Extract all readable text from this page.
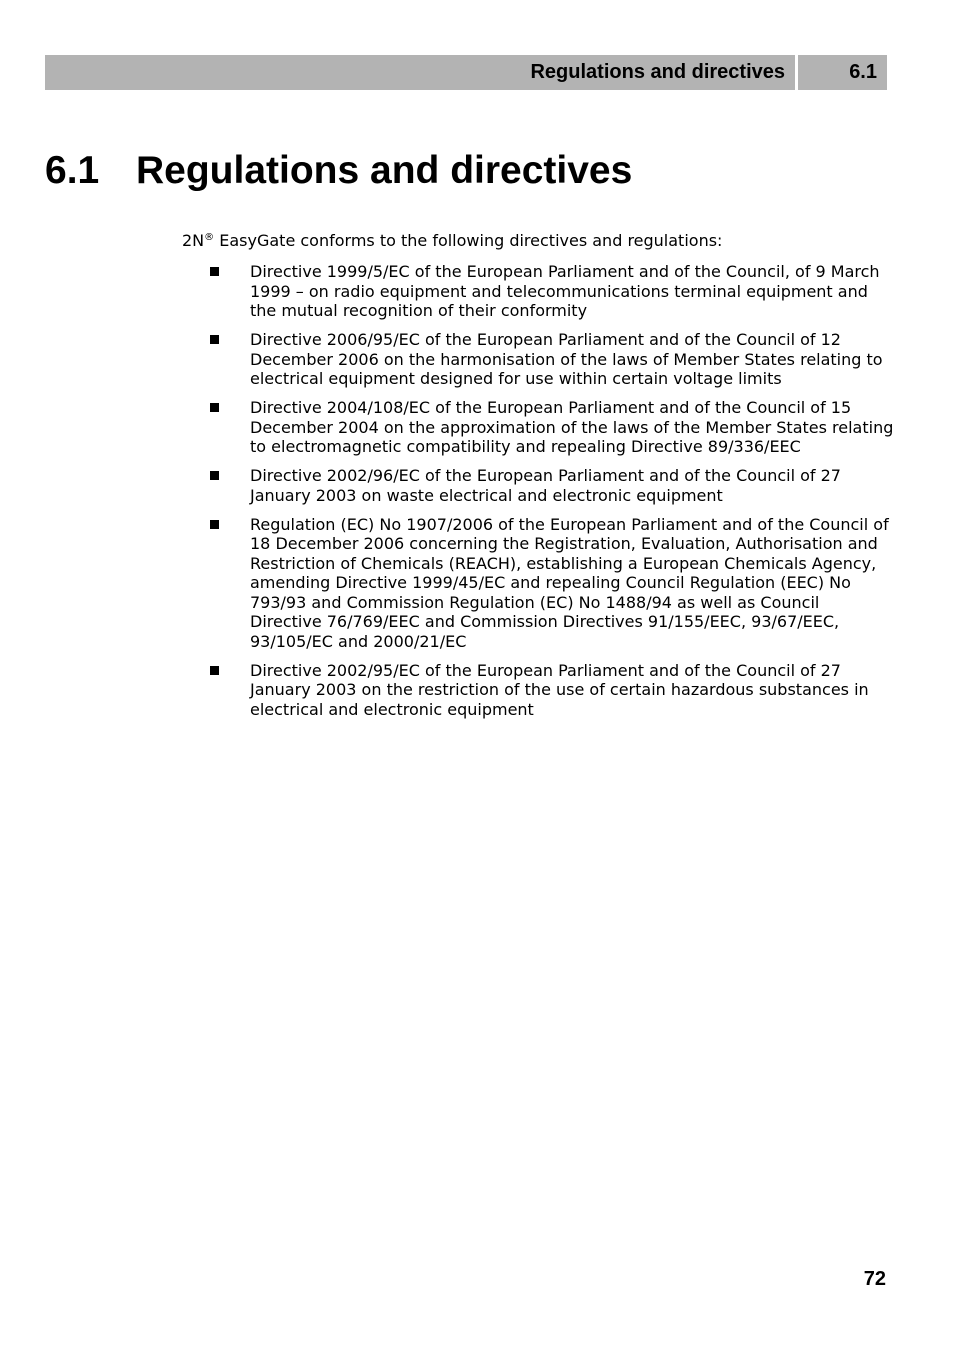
Regulations and directives	6.1
6.1 Regulations and directives

2N® EasyGate conforms to the following directives and regulations:

Directive 1999/5/EC of the European Parliament and of the Council, of 9 March 1999 – on radio equipment and telecommunications terminal equipment and the mutual recognition of their conformity
Directive 2006/95/EC of the European Parliament and of the Council of 12 December 2006 on the harmonisation of the laws of Member States relating to electrical equipment designed for use within certain voltage limits
Directive 2004/108/EC of the European Parliament and of the Council of 15 December 2004 on the approximation of the laws of the Member States relating to electromagnetic compatibility and repealing Directive 89/336/EEC
Directive 2002/96/EC of the European Parliament and of the Council of 27 January 2003 on waste electrical and electronic equipment
Regulation (EC) No 1907/2006 of the European Parliament and of the Council of 18 December 2006 concerning the Registration, Evaluation, Authorisation and Restriction of Chemicals (REACH), establishing a European Chemicals Agency, amending Directive 1999/45/EC and repealing Council Regulation (EEC) No 793/93 and Commission Regulation (EC) No 1488/94 as well as Council Directive 76/769/EEC and Commission Directives 91/155/EEC, 93/67/EEC, 93/105/EC and 2000/21/EC
Directive 2002/95/EC of the European Parliament and of the Council of 27 January 2003 on the restriction of the use of certain hazardous substances in electrical and electronic equipment
72
